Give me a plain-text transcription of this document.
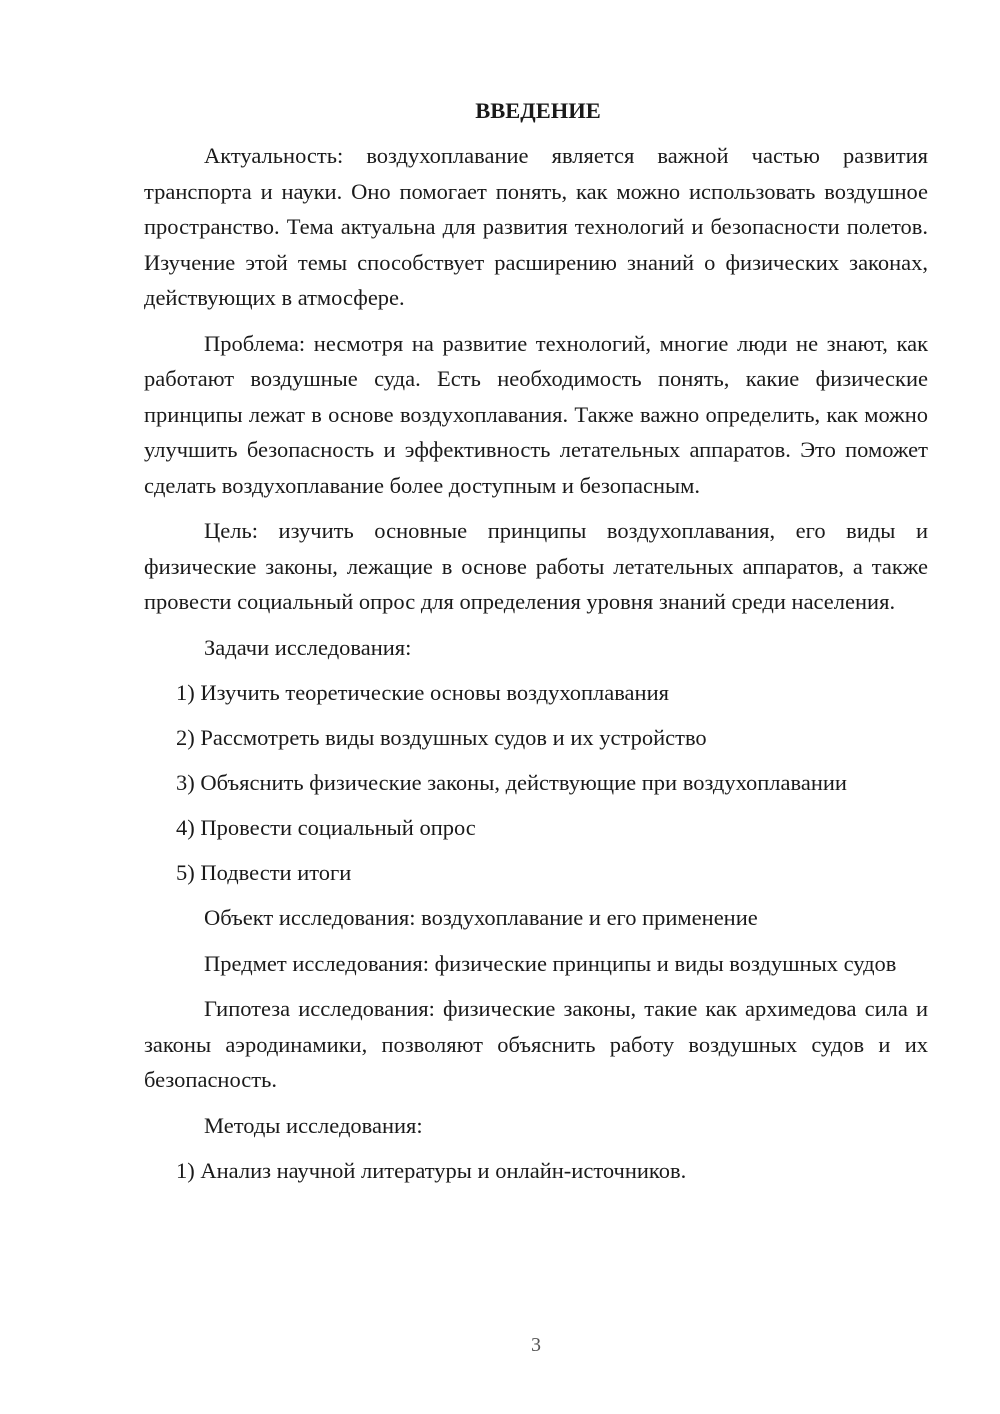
ВВЕДЕНИЕ

Актуальность: воздухоплавание является важной частью развития транспорта и науки. Оно помогает понять, как можно использовать воздушное пространство. Тема актуальна для развития технологий и безопасности полетов. Изучение этой темы способствует расширению знаний о физических законах, действующих в атмосфере.

Проблема: несмотря на развитие технологий, многие люди не знают, как работают воздушные суда. Есть необходимость понять, какие физические принципы лежат в основе воздухоплавания. Также важно определить, как можно улучшить безопасность и эффективность летательных аппаратов. Это поможет сделать воздухоплавание более доступным и безопасным.

Цель: изучить основные принципы воздухоплавания, его виды и физические законы, лежащие в основе работы летательных аппаратов, а также провести социальный опрос для определения уровня знаний среди населения.

Задачи исследования:

1) Изучить теоретические основы воздухоплавания
2) Рассмотреть виды воздушных судов и их устройство
3) Объяснить физические законы, действующие при воздухоплавании
4) Провести социальный опрос
5) Подвести итоги

Объект исследования: воздухоплавание и его применение

Предмет исследования: физические принципы и виды воздушных судов

Гипотеза исследования: физические законы, такие как архимедова сила и законы аэродинамики, позволяют объяснить работу воздушных судов и их безопасность.

Методы исследования:

1) Анализ научной литературы и онлайн-источников.
3
